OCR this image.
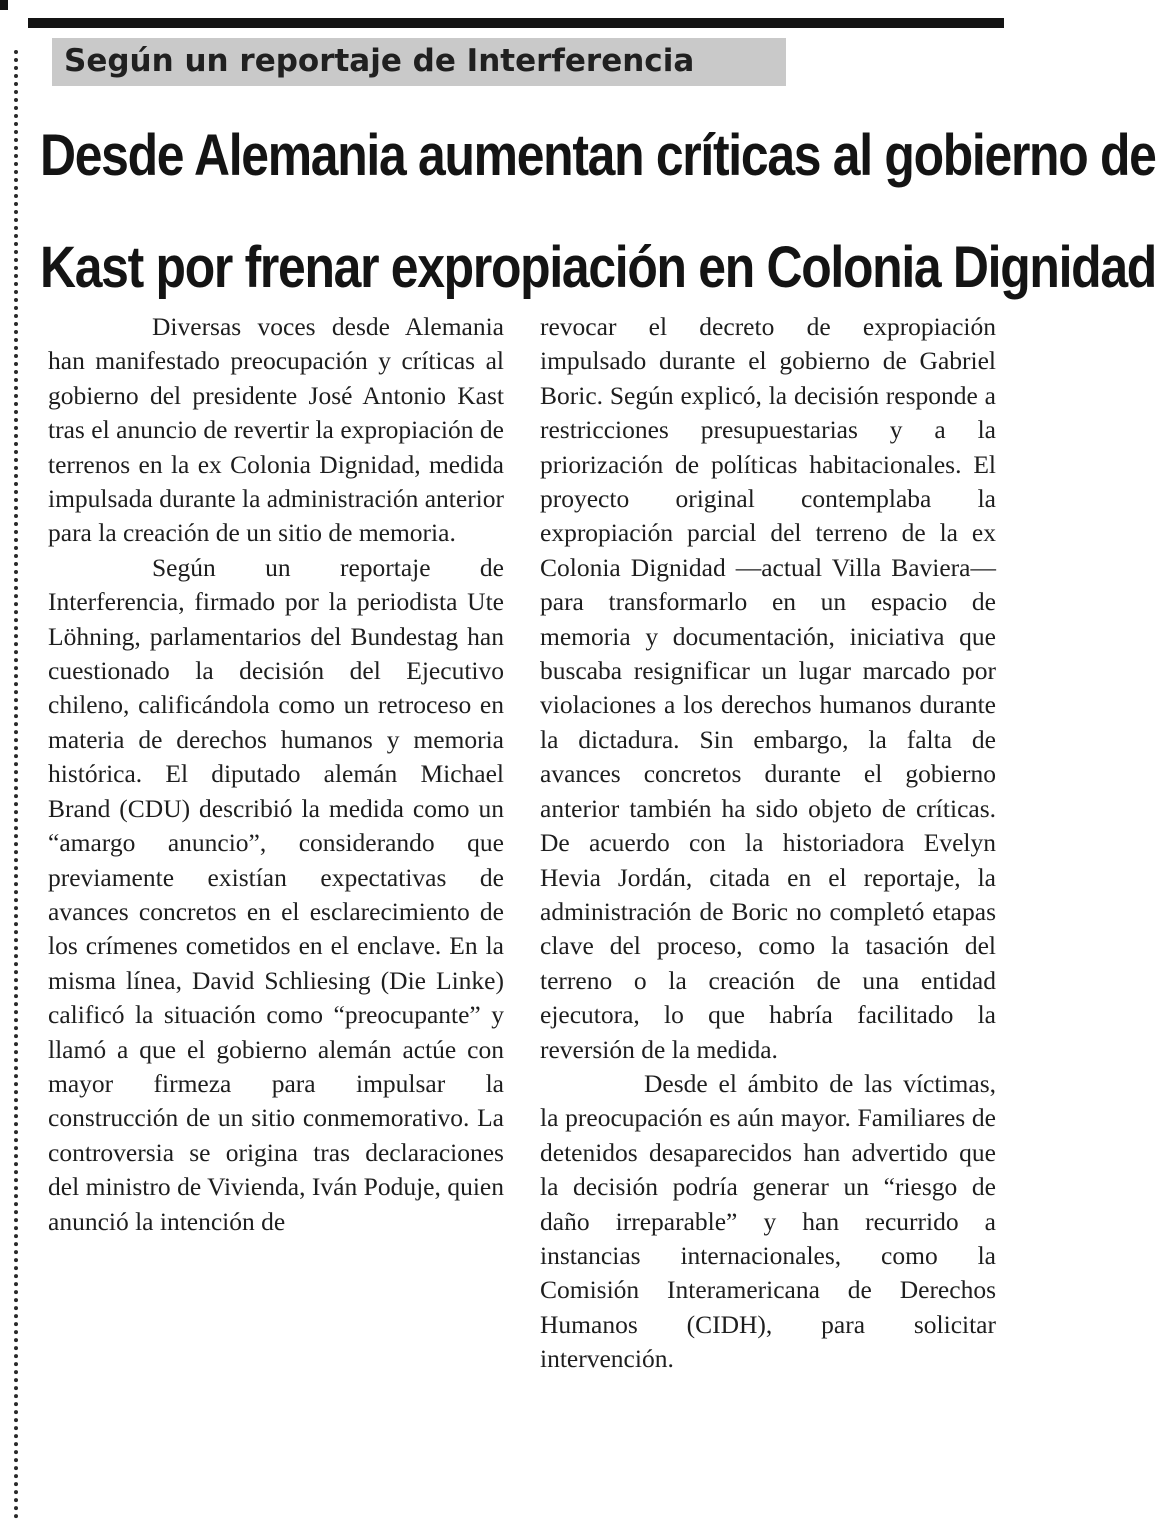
Según un reportaje de Interferencia
Desde Alemania aumentan críticas al gobierno de
Kast por frenar expropiación en Colonia Dignidad

Diversas voces desde Alemania han manifestado preocupación y críticas al gobierno del presidente José Antonio Kast tras el anuncio de revertir la expropiación de terrenos en la ex Colonia Dignidad, medida impulsada durante la administración anterior para la creación de un sitio de memoria.

Según un reportaje de Interferencia, firmado por la periodista Ute Löhning, parlamentarios del Bundestag han cuestionado la decisión del Ejecutivo chileno, calificándola como un retroceso en materia de derechos humanos y memoria histórica. El diputado alemán Michael Brand (CDU) describió la medida como un “amargo anuncio”, considerando que previamente existían expectativas de avances concretos en el esclarecimiento de los crímenes cometidos en el enclave. En la misma línea, David Schliesing (Die Linke) calificó la situación como “preocupante” y llamó a que el gobierno alemán actúe con mayor firmeza para impulsar la construcción de un sitio conmemorativo. La controversia se origina tras declaraciones del ministro de Vivienda, Iván Poduje, quien anunció la intención de

revocar el decreto de expropiación impulsado durante el gobierno de Gabriel Boric. Según explicó, la decisión responde a restricciones presupuestarias y a la priorización de políticas habitacionales. El proyecto original contemplaba la expropiación parcial del terreno de la ex Colonia Dignidad —actual Villa Baviera— para transformarlo en un espacio de memoria y documentación, iniciativa que buscaba resignificar un lugar marcado por violaciones a los derechos humanos durante la dictadura. Sin embargo, la falta de avances concretos durante el gobierno anterior también ha sido objeto de críticas. De acuerdo con la historiadora Evelyn Hevia Jordán, citada en el reportaje, la administración de Boric no completó etapas clave del proceso, como la tasación del terreno o la creación de una entidad ejecutora, lo que habría facilitado la reversión de la medida.

Desde el ámbito de las víctimas, la preocupación es aún mayor. Familiares de detenidos desaparecidos han advertido que la decisión podría generar un “riesgo de daño irreparable” y han recurrido a instancias internacionales, como la Comisión Interamericana de Derechos Humanos (CIDH), para solicitar intervención.
